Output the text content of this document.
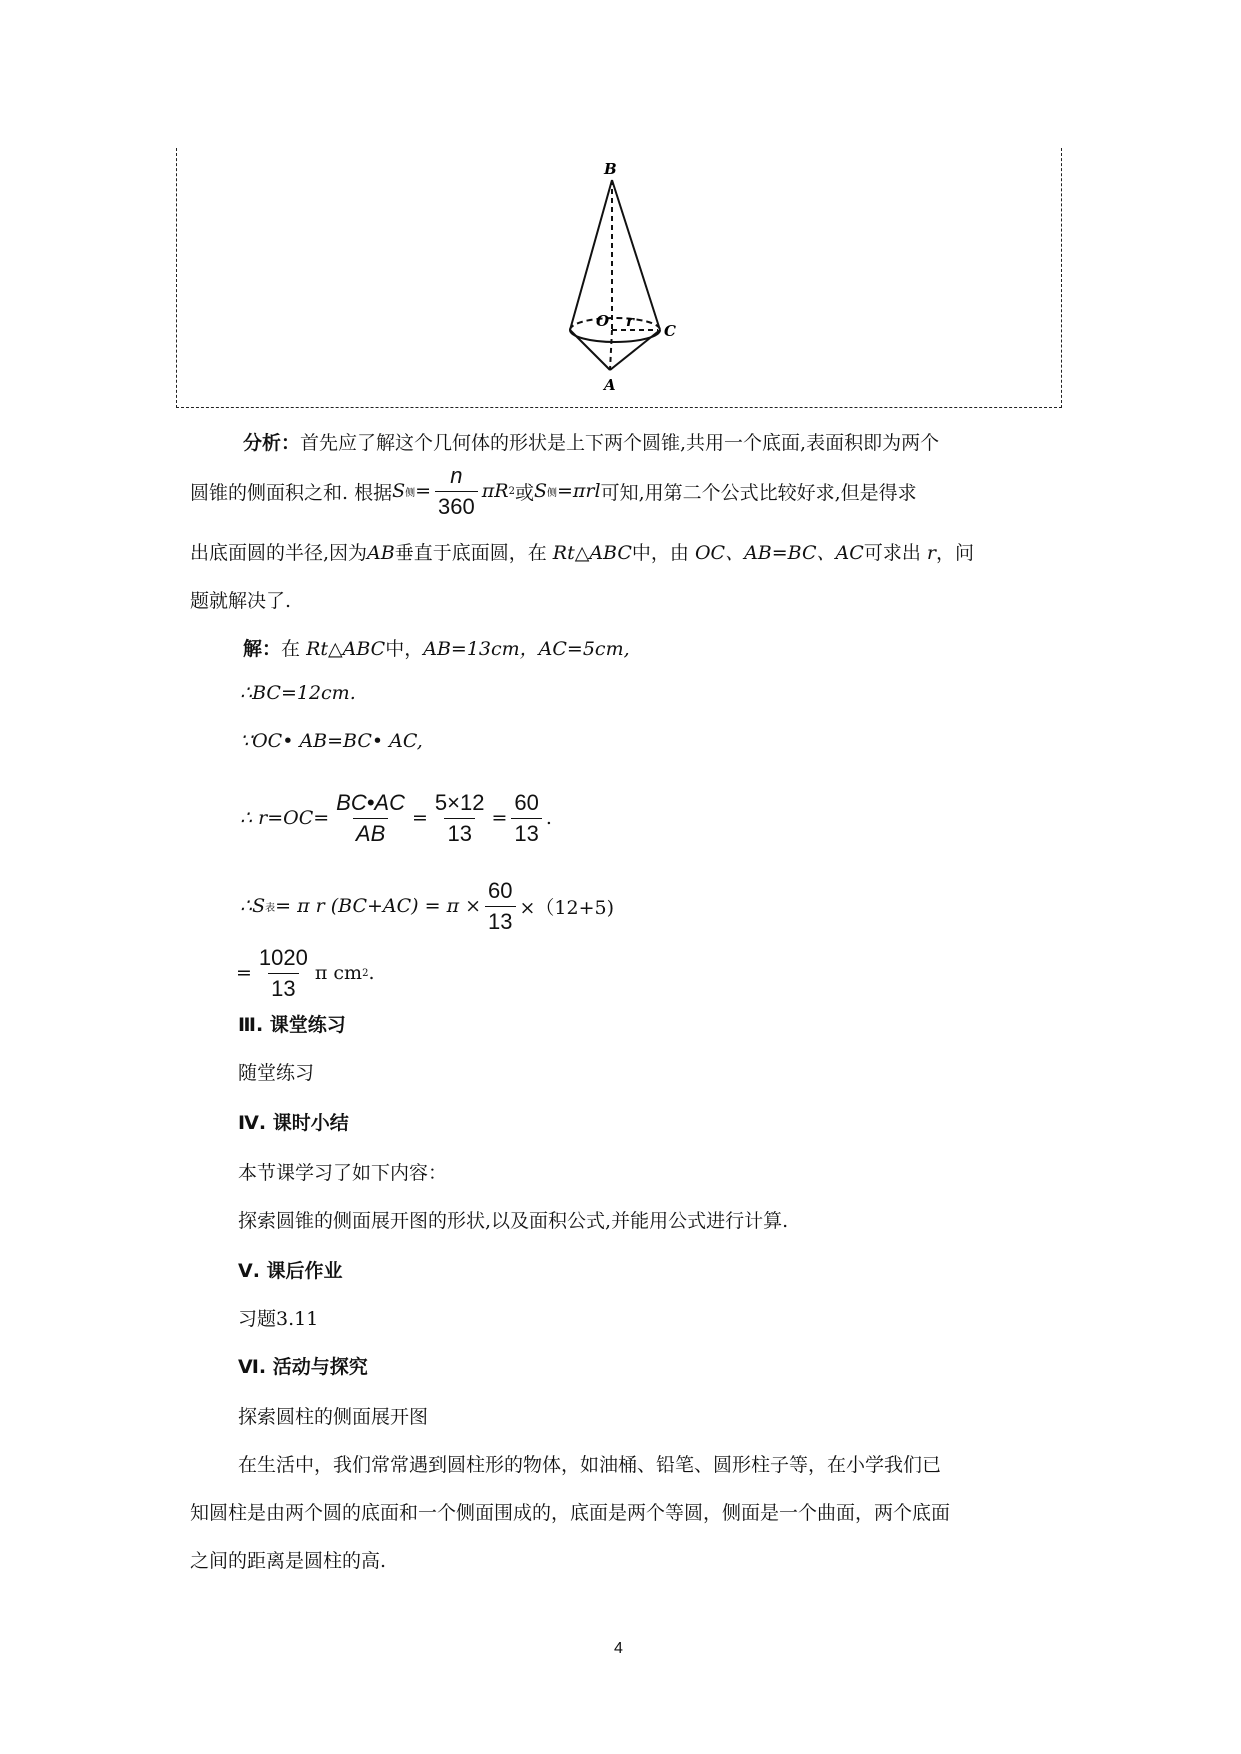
B
O r
C
A
分析：首先应了解这个几何体的形状是上下两个圆锥,共用一个底面,表面积即为两个
圆锥的侧面积之和. 根据 S 侧 = $\frac{n}{360}$ πR 2 或 S 侧 = πrl 可知,用第二个公式比较好求,但是得求
出底面圆的半径,因为AB垂直于底面圆，在 Rt△ABC中，由 OC、AB=BC、AC可求出 r，问
题就解决了.
解：在 Rt△ABC中，AB=13cm，AC=5cm,
∴BC=12cm.
∵OC• AB=BC• AC,
∴ $r=OC= \frac{BC•AC}{AB} = \frac{5\times 12}{13} = \frac{60}{13}$ .
∴S 表 = π r $(BC+AC) = \pi \times \frac{60}{13} \times(12+5)$
= $\frac{1020}{13}$ π cm 2 .
Ⅲ. 课堂练习
随堂练习
Ⅳ. 课时小结
本节课学习了如下内容：
探索圆锥的侧面展开图的形状,以及面积公式,并能用公式进行计算.
Ⅴ. 课后作业
习题3.11
Ⅵ. 活动与探究
探索圆柱的侧面展开图
在生活中，我们常常遇到圆柱形的物体，如油桶、铅笔、圆形柱子等，在小学我们已
知圆柱是由两个圆的底面和一个侧面围成的，底面是两个等圆，侧面是一个曲面，两个底面
之间的距离是圆柱的高.
4
